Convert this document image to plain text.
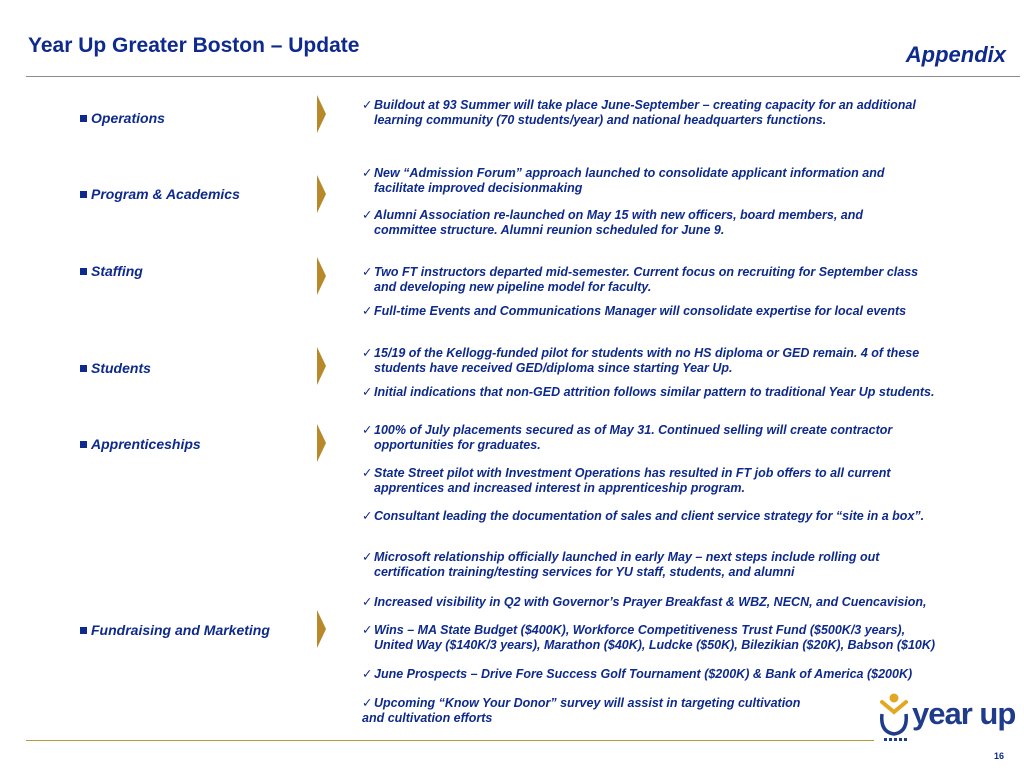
Year Up Greater Boston – Update	Appendix
Operations
Program & Academics
Staffing
Students
Apprenticeships
Fundraising and Marketing
✓ Buildout at 93 Summer will take place June-September – creating capacity for an additional
learning community (70 students/year) and national headquarters functions.
✓ New “Admission Forum” approach launched to consolidate applicant information and
facilitate improved decisionmaking
✓ Alumni Association re-launched on May 15 with new officers, board members, and
committee structure. Alumni reunion scheduled for June 9.
✓ Two FT instructors departed mid-semester. Current focus on recruiting for September class
and developing new pipeline model for faculty.
✓ Full-time Events and Communications Manager will consolidate expertise for local events
✓ 15/19 of the Kellogg-funded pilot for students with no HS diploma or GED remain. 4 of these
students have received GED/diploma since starting Year Up.
✓ Initial indications that non-GED attrition follows similar pattern to traditional Year Up students.
✓ 100% of July placements secured as of May 31. Continued selling will create contractor
opportunities for graduates.
✓ State Street pilot with Investment Operations has resulted in FT job offers to all current
apprentices and increased interest in apprenticeship program.
✓ Consultant leading the documentation of sales and client service strategy for “site in a box”.
✓ Microsoft relationship officially launched in early May – next steps include rolling out
certification training/testing services for YU staff, students, and alumni
✓ Increased visibility in Q2 with Governor’s Prayer Breakfast & WBZ, NECN, and Cuencavision,
✓ Wins – MA State Budget ($400K), Workforce Competitiveness Trust Fund ($500K/3 years),
United Way ($140K/3 years), Marathon ($40K), Ludcke ($50K), Bilezikian ($20K), Babson ($10K)
✓ June Prospects – Drive Fore Success Golf Tournament ($200K) & Bank of America ($200K)
✓ Upcoming “Know Your Donor” survey will assist in targeting cultivation
and cultivation efforts	year up
16
